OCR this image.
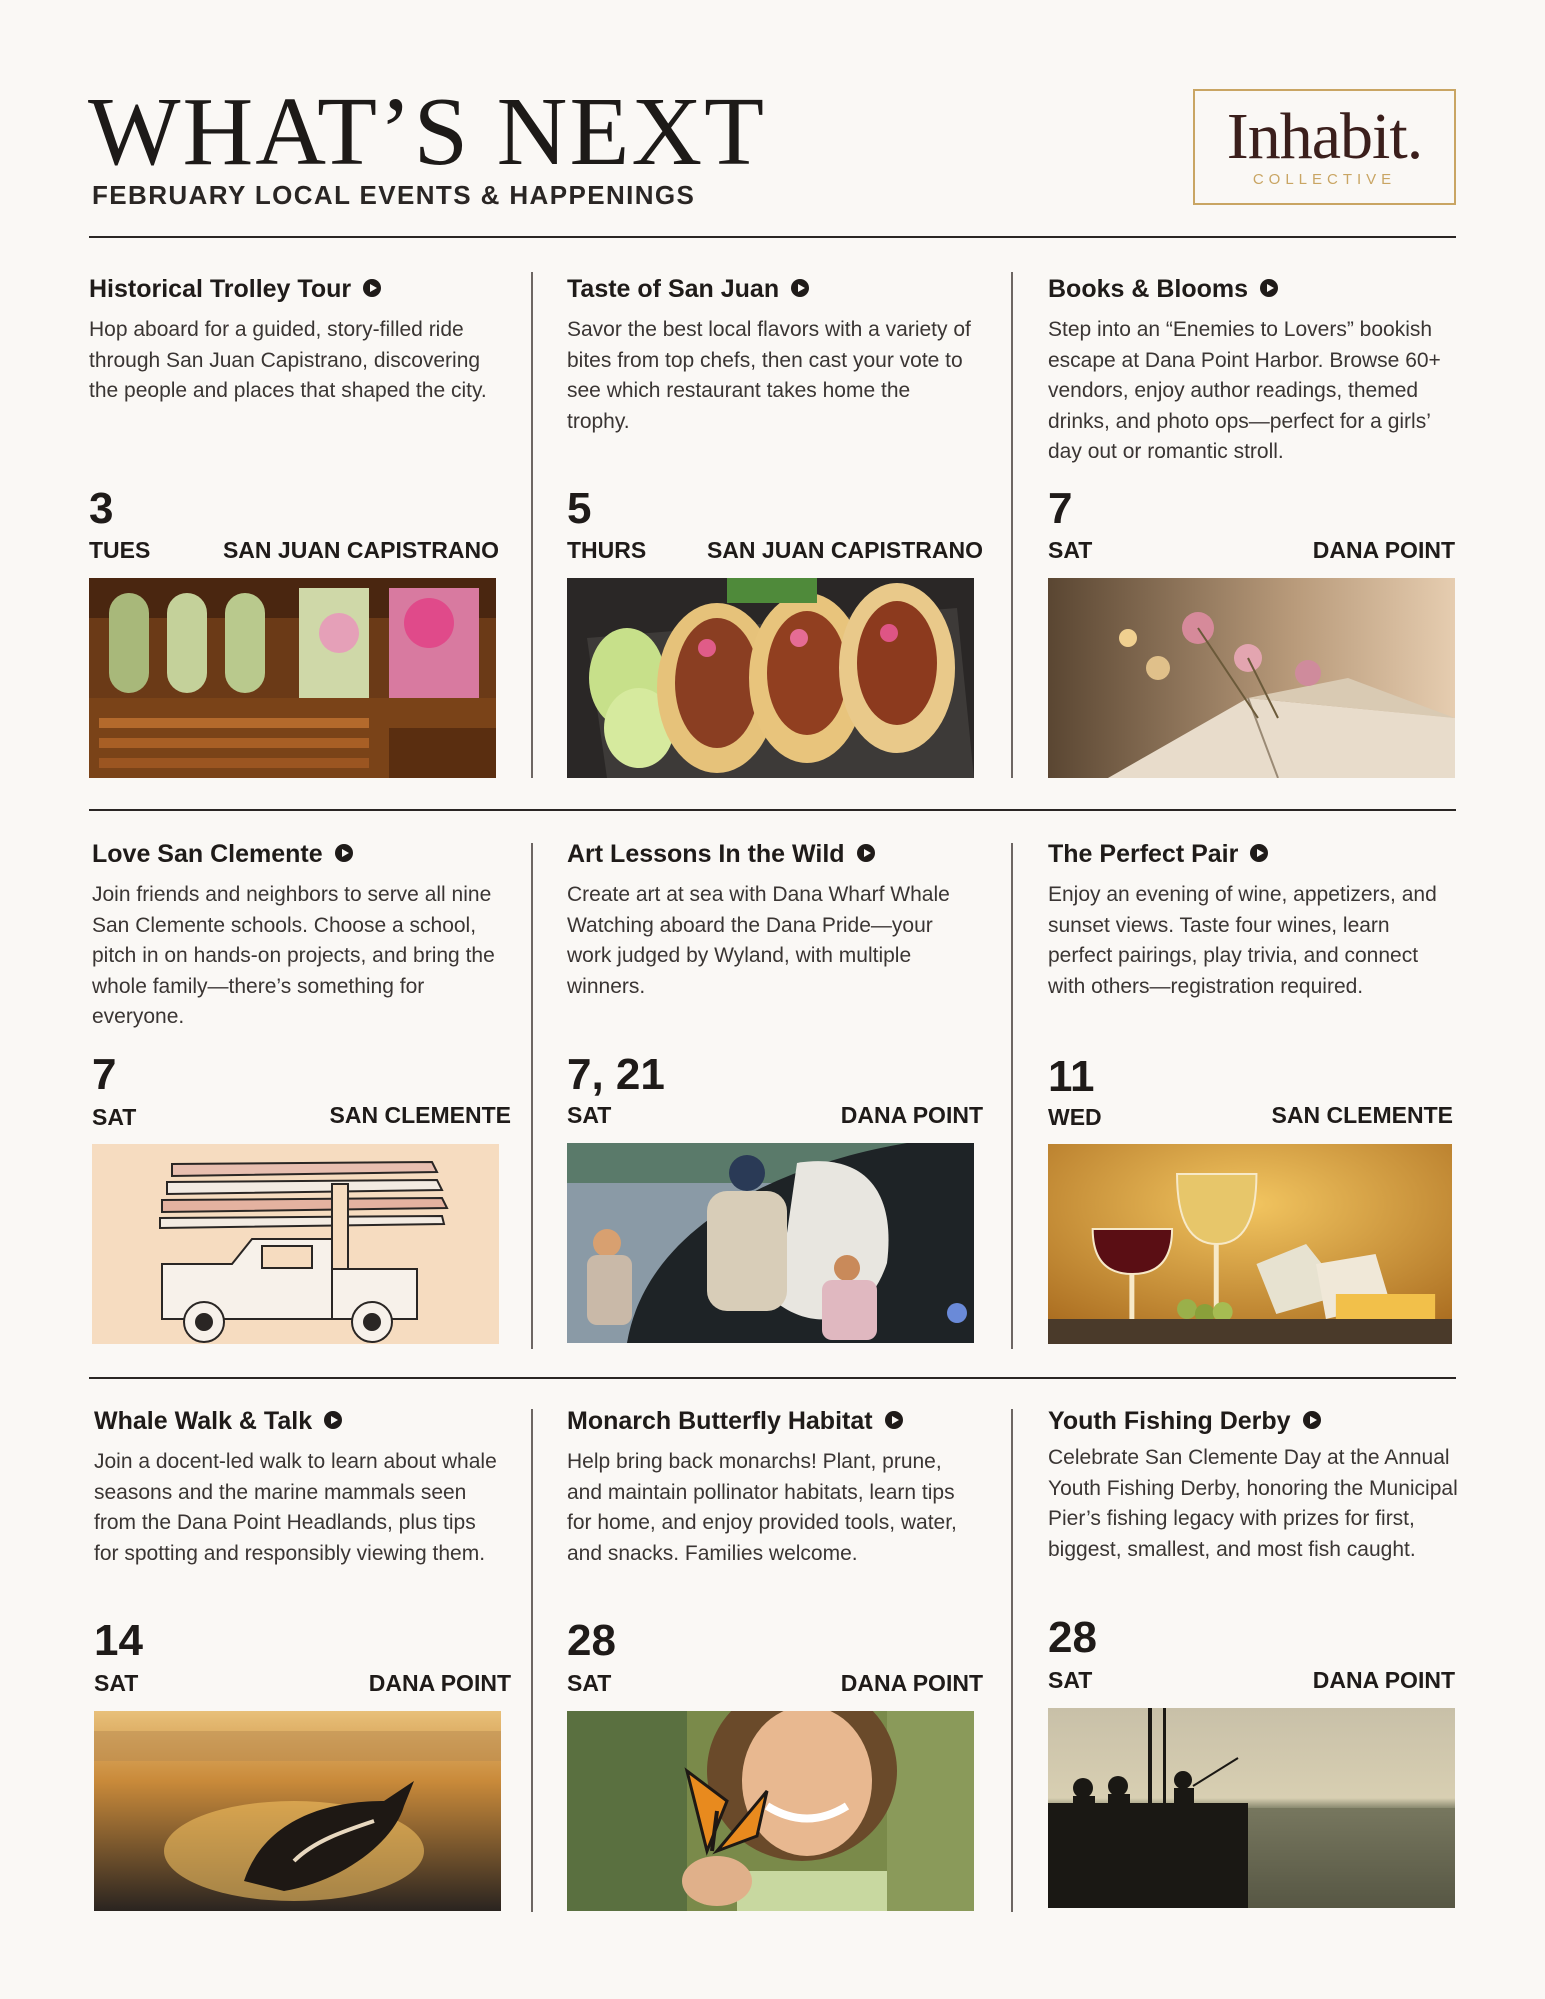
WHAT’S NEXT
FEBRUARY LOCAL EVENTS & HAPPENINGS
Inhabit.
COLLECTIVE
Historical Trolley Tour
Hop aboard for a guided, story-filled ride through San Juan Capistrano, discovering the people and places that shaped the city.
3
TUES	SAN JUAN CAPISTRANO
Taste of San Juan
Savor the best local flavors with a variety of bites from top chefs, then cast your vote to see which restaurant takes home the trophy.
5
THURS	SAN JUAN CAPISTRANO
Books & Blooms
Step into an “Enemies to Lovers” bookish escape at Dana Point Harbor. Browse 60+ vendors, enjoy author readings, themed drinks, and photo ops—perfect for a girls’ day out or romantic stroll.
7
SAT	DANA POINT
Love San Clemente
Join friends and neighbors to serve all nine San Clemente schools. Choose a school, pitch in on hands-on projects, and bring the whole family—there’s something for everyone.
7
SAT	SAN CLEMENTE
Art Lessons In the Wild
Create art at sea with Dana Wharf Whale Watching aboard the Dana Pride—your work judged by Wyland, with multiple winners.
7, 21
SAT	DANA POINT
The Perfect Pair
Enjoy an evening of wine, appetizers, and sunset views. Taste four wines, learn perfect pairings, play trivia, and connect with others—registration required.
11
WED	SAN CLEMENTE
Whale Walk & Talk
Join a docent-led walk to learn about whale seasons and the marine mammals seen from the Dana Point Headlands, plus tips for spotting and responsibly viewing them.
14
SAT	DANA POINT
Monarch Butterfly Habitat
Help bring back monarchs! Plant, prune, and maintain pollinator habitats, learn tips for home, and enjoy provided tools, water, and snacks. Families welcome.
28
SAT	DANA POINT
Youth Fishing Derby
Celebrate San Clemente Day at the Annual Youth Fishing Derby, honoring the Municipal Pier’s fishing legacy with prizes for first, biggest, smallest, and most fish caught.
28
SAT	DANA POINT
